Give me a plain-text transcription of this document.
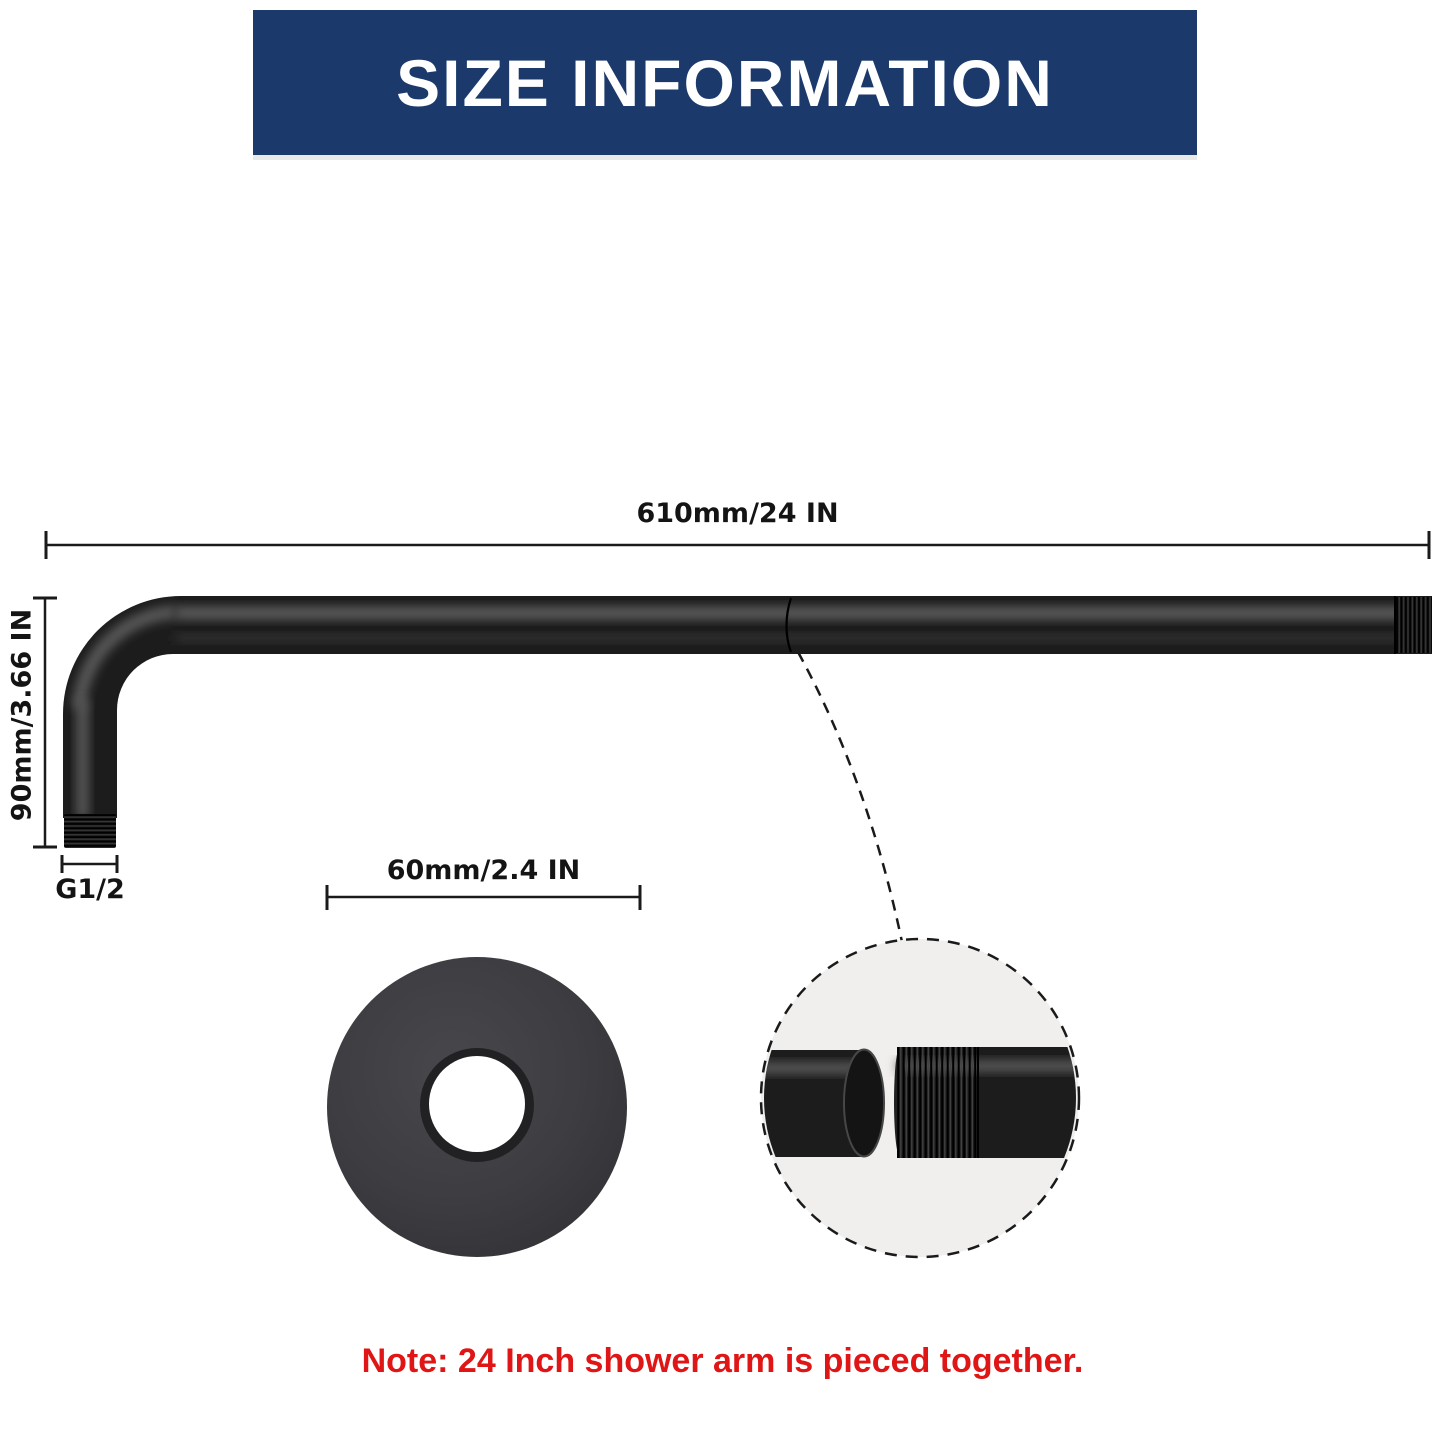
SIZE INFORMATION
610mm/24 IN
90mm/3.66 IN
G1/2
60mm/2.4 IN
Note: 24 Inch shower arm is pieced together.
